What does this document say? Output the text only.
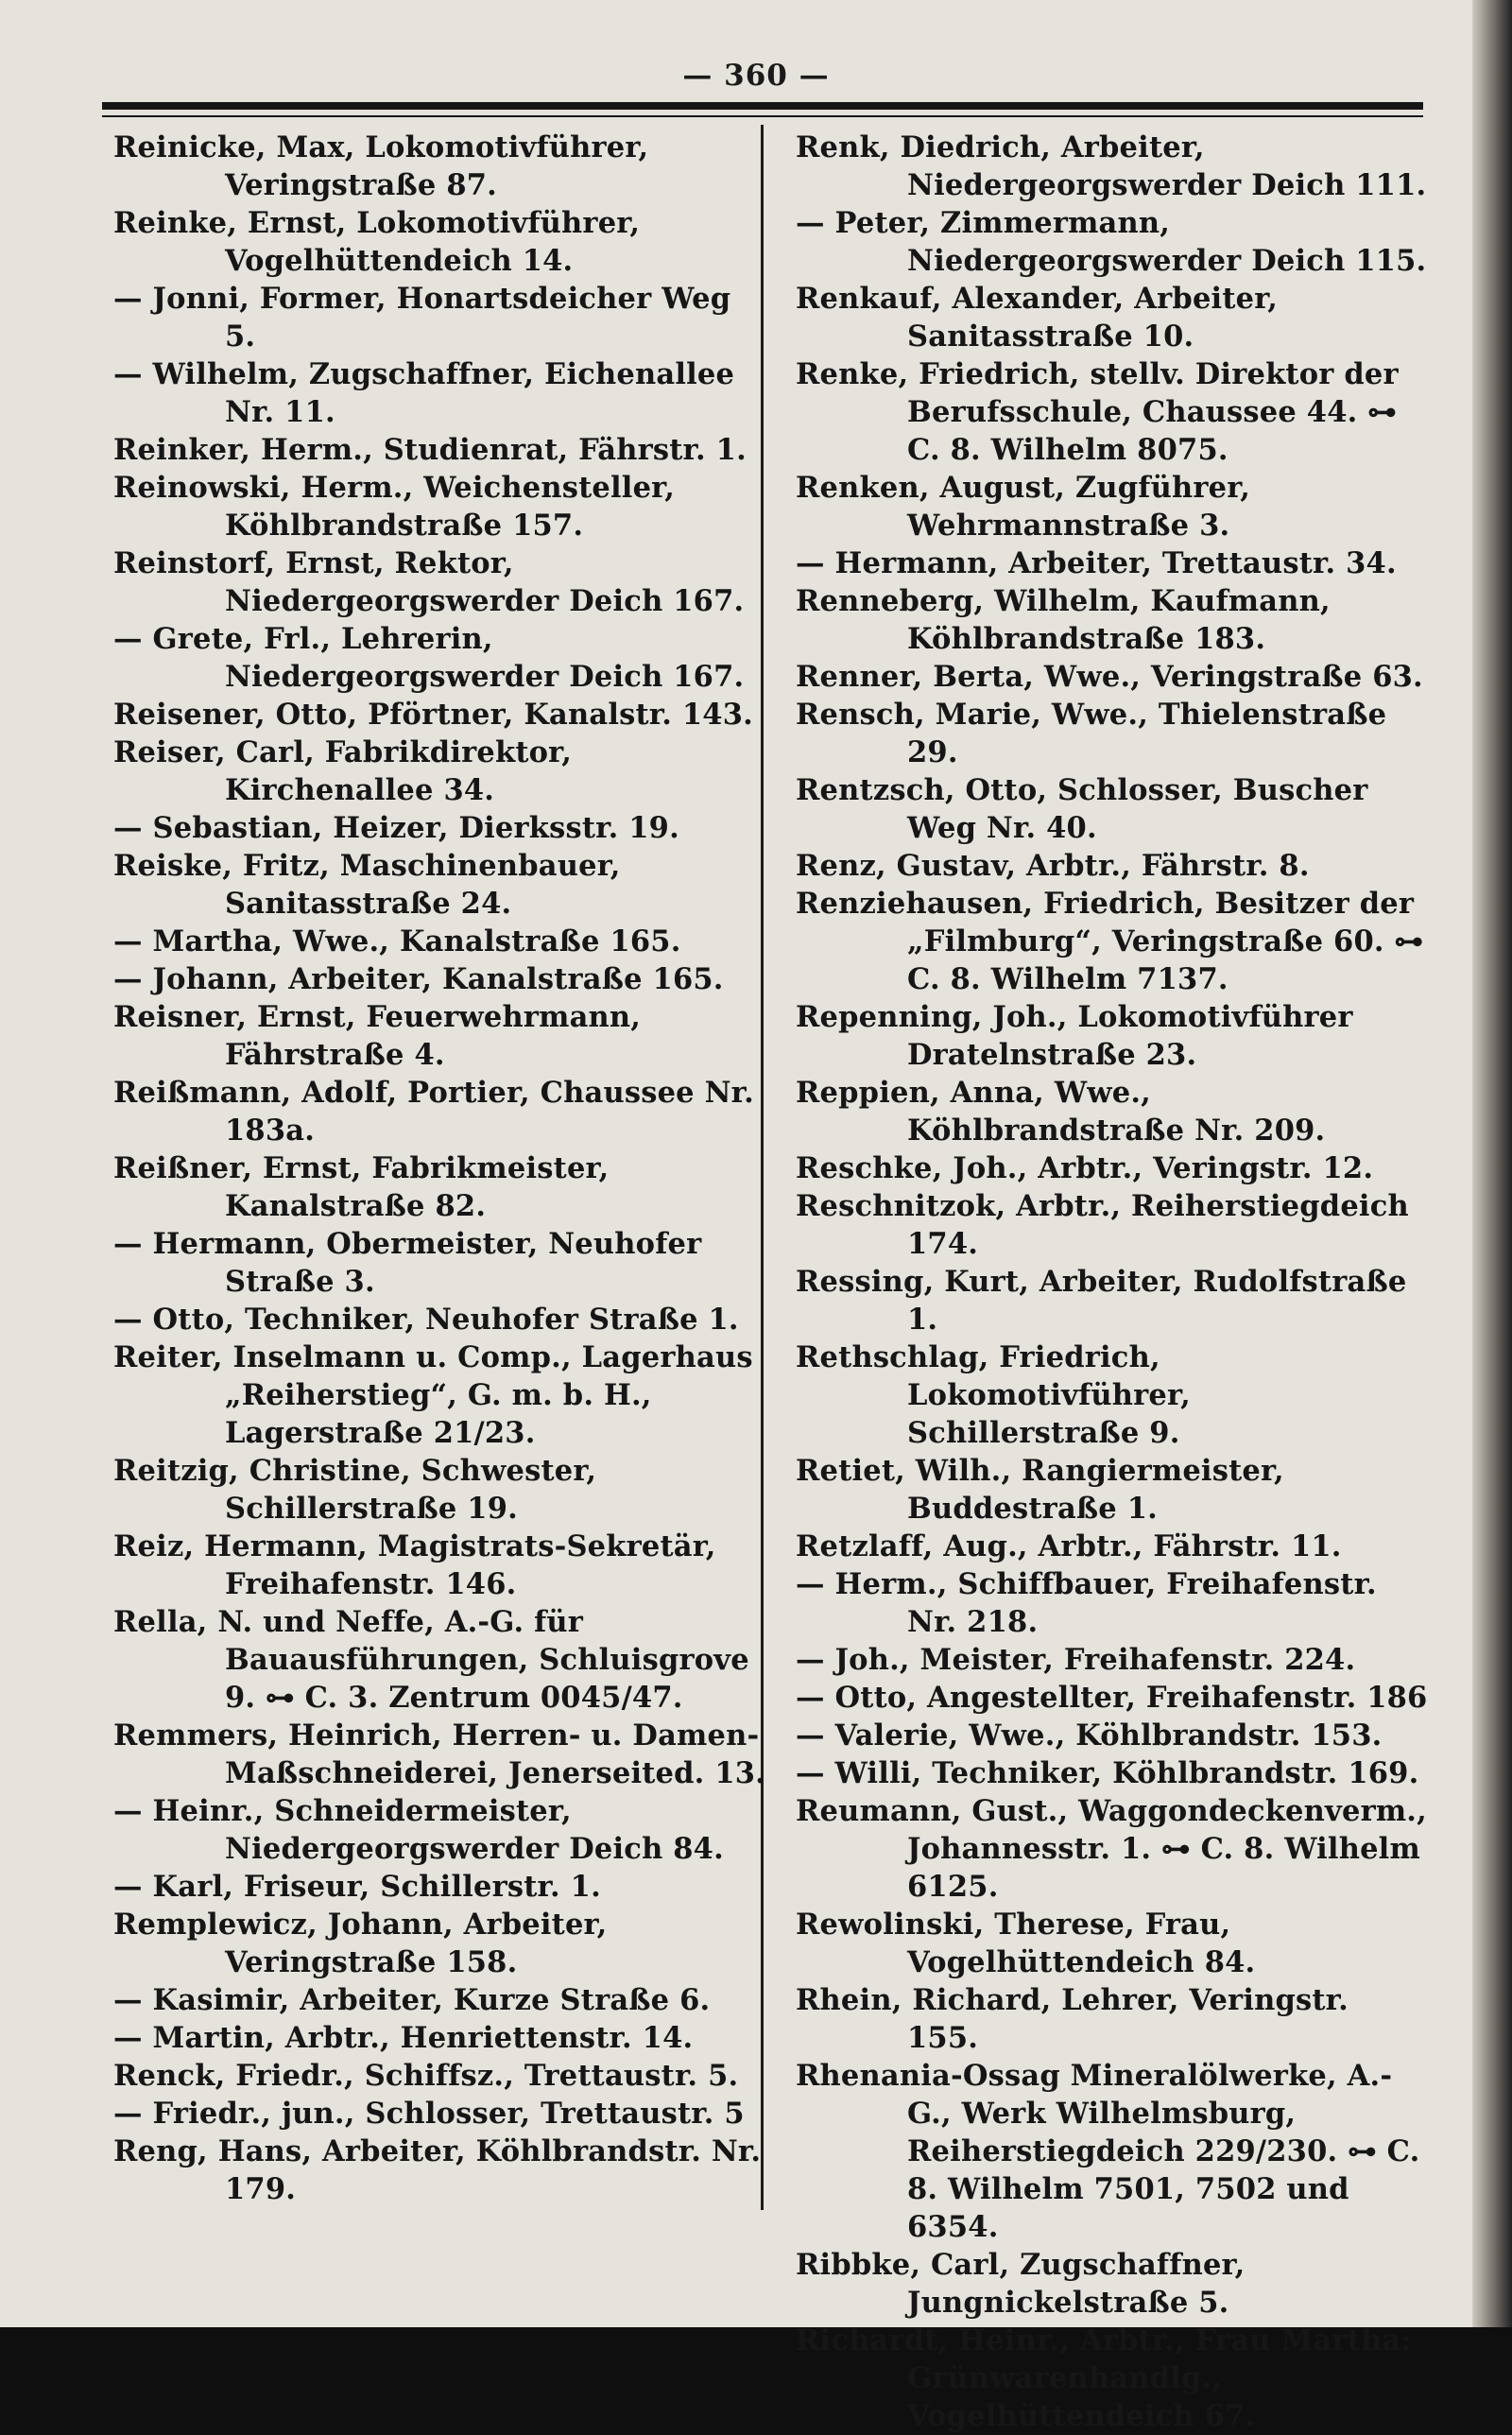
— 360 —

Reinicke, Max, Lokomotivführer, Veringstraße 87.

Reinke, Ernst, Lokomotivführer, Vogelhüttendeich 14.

— Jonni, Former, Honartsdeicher Weg 5.

— Wilhelm, Zugschaffner, Eichenallee Nr. 11.

Reinker, Herm., Studienrat, Fährstr. 1.

Reinowski, Herm., Weichensteller, Köhlbrandstraße 157.

Reinstorf, Ernst, Rektor, Niedergeorgswerder Deich 167.

— Grete, Frl., Lehrerin, Niedergeorgswerder Deich 167.

Reisener, Otto, Pförtner, Kanalstr. 143.

Reiser, Carl, Fabrikdirektor, Kirchenallee 34.

— Sebastian, Heizer, Dierksstr. 19.

Reiske, Fritz, Maschinenbauer, Sanitasstraße 24.

— Martha, Wwe., Kanalstraße 165.

— Johann, Arbeiter, Kanalstraße 165.

Reisner, Ernst, Feuerwehrmann, Fährstraße 4.

Reißmann, Adolf, Portier, Chaussee Nr. 183a.

Reißner, Ernst, Fabrikmeister, Kanalstraße 82.

— Hermann, Obermeister, Neuhofer Straße 3.

— Otto, Techniker, Neuhofer Straße 1.

Reiter, Inselmann u. Comp., Lagerhaus „Reiherstieg“, G. m. b. H., Lagerstraße 21/23.

Reitzig, Christine, Schwester, Schillerstraße 19.

Reiz, Hermann, Magistrats-Sekretär, Freihafenstr. 146.

Rella, N. und Neffe, A.-G. für Bauausführungen, Schluisgrove 9. ⊶ C. 3. Zentrum 0045/47.

Remmers, Heinrich, Herren- u. Damen-Maßschneiderei, Jenerseited. 13.

— Heinr., Schneidermeister, Niedergeorgswerder Deich 84.

— Karl, Friseur, Schillerstr. 1.

Remplewicz, Johann, Arbeiter, Veringstraße 158.

— Kasimir, Arbeiter, Kurze Straße 6.

— Martin, Arbtr., Henriettenstr. 14.

Renck, Friedr., Schiffsz., Trettaustr. 5.

— Friedr., jun., Schlosser, Trettaustr. 5

Reng, Hans, Arbeiter, Köhlbrandstr. Nr. 179.

Renk, Diedrich, Arbeiter, Niedergeorgswerder Deich 111.

— Peter, Zimmermann, Niedergeorgswerder Deich 115.

Renkauf, Alexander, Arbeiter, Sanitasstraße 10.

Renke, Friedrich, stellv. Direktor der Berufsschule, Chaussee 44. ⊶ C. 8. Wilhelm 8075.

Renken, August, Zugführer, Wehrmannstraße 3.

— Hermann, Arbeiter, Trettaustr. 34.

Renneberg, Wilhelm, Kaufmann, Köhlbrandstraße 183.

Renner, Berta, Wwe., Veringstraße 63.

Rensch, Marie, Wwe., Thielenstraße 29.

Rentzsch, Otto, Schlosser, Buscher Weg Nr. 40.

Renz, Gustav, Arbtr., Fährstr. 8.

Renziehausen, Friedrich, Besitzer der „Filmburg“, Veringstraße 60. ⊶ C. 8. Wilhelm 7137.

Repenning, Joh., Lokomotivführer Dratelnstraße 23.

Reppien, Anna, Wwe., Köhlbrandstraße Nr. 209.

Reschke, Joh., Arbtr., Veringstr. 12.

Reschnitzok, Arbtr., Reiherstiegdeich 174.

Ressing, Kurt, Arbeiter, Rudolfstraße 1.

Rethschlag, Friedrich, Lokomotivführer, Schillerstraße 9.

Retiet, Wilh., Rangiermeister, Buddestraße 1.

Retzlaff, Aug., Arbtr., Fährstr. 11.

— Herm., Schiffbauer, Freihafenstr. Nr. 218.

— Joh., Meister, Freihafenstr. 224.

— Otto, Angestellter, Freihafenstr. 186

— Valerie, Wwe., Köhlbrandstr. 153.

— Willi, Techniker, Köhlbrandstr. 169.

Reumann, Gust., Waggondeckenverm., Johannesstr. 1. ⊶ C. 8. Wilhelm 6125.

Rewolinski, Therese, Frau, Vogelhüttendeich 84.

Rhein, Richard, Lehrer, Veringstr. 155.

Rhenania-Ossag Mineralölwerke, A.-G., Werk Wilhelmsburg, Reiherstiegdeich 229/230. ⊶ C. 8. Wilhelm 7501, 7502 und 6354.

Ribbke, Carl, Zugschaffner, Jungnickelstraße 5.

Richardt, Heinr., Arbtr., Frau Martha: Grünwarenhandlg., Vogelhüttendeich 67.
